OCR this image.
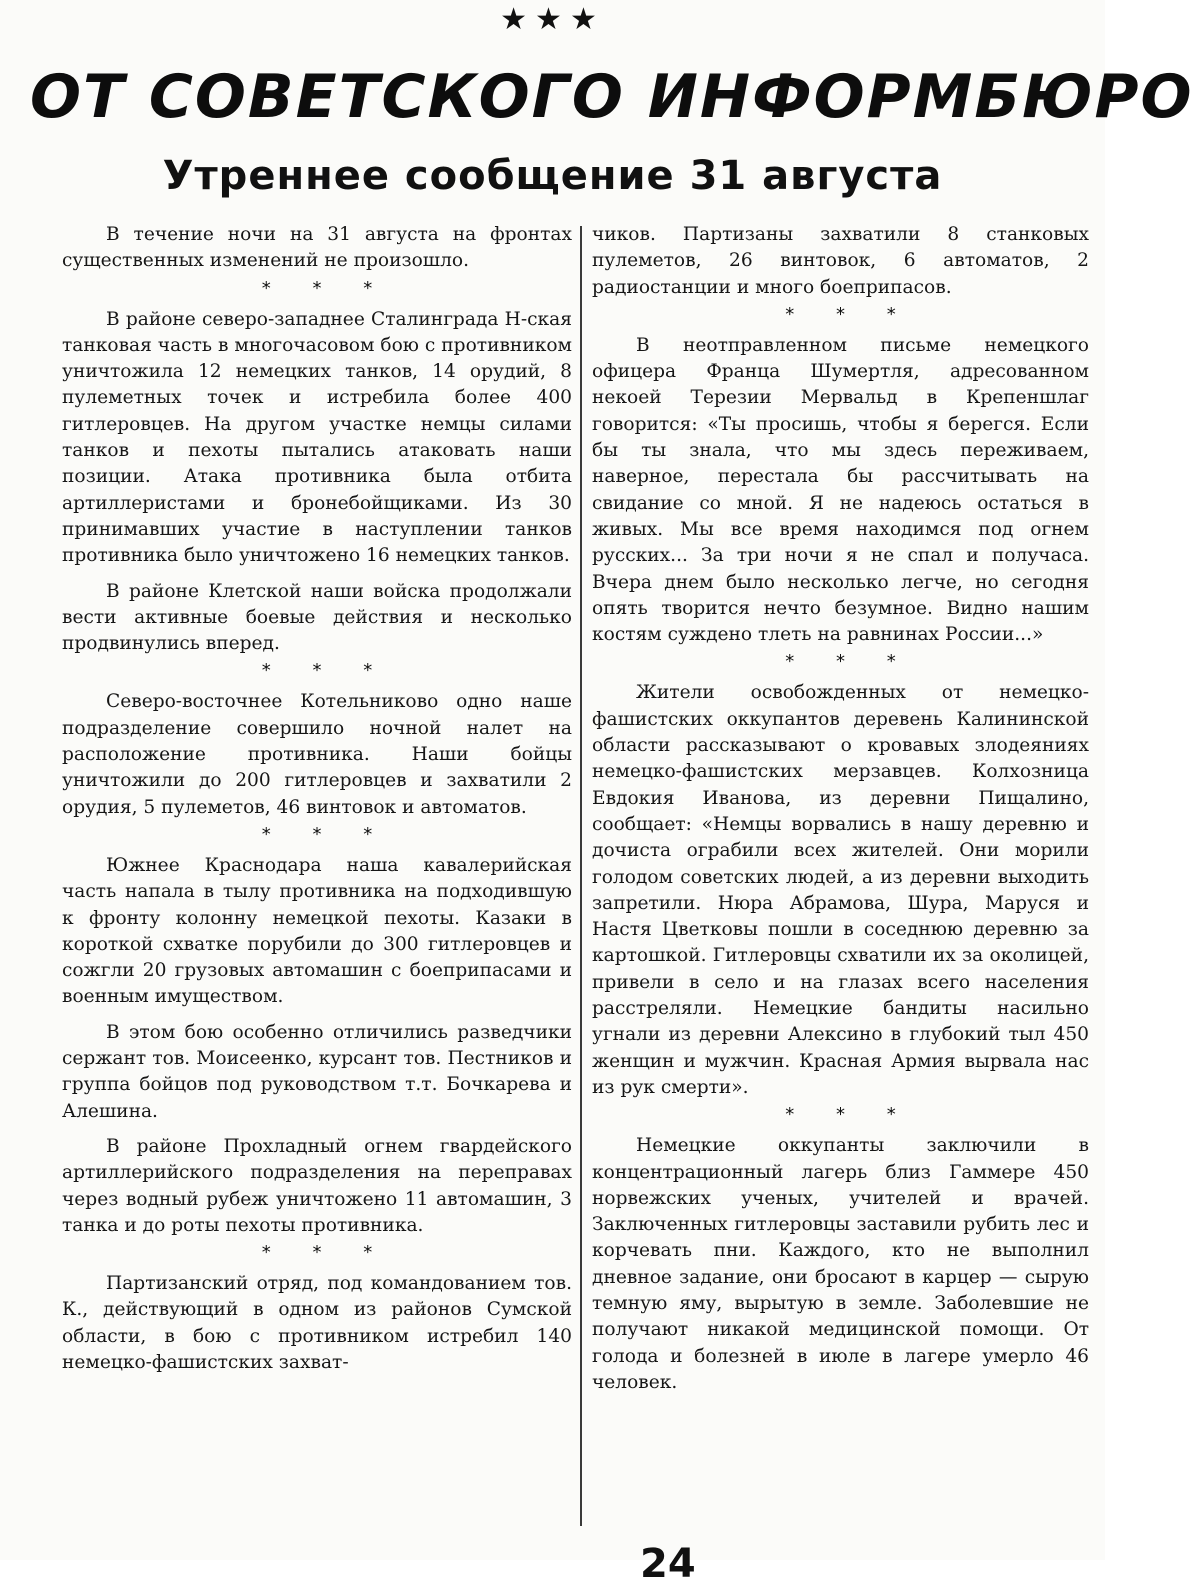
★★★
ОТ СОВЕТСКОГО ИНФОРМБЮРО
Утреннее сообщение 31 августа

В течение ночи на 31 августа на фронтах существенных изменений не произошло.

* * *

В районе северо-западнее Сталинграда Н-ская танковая часть в многочасовом бою с противником уничтожила 12 немецких танков, 14 орудий, 8 пулеметных точек и истребила более 400 гитлеровцев. На другом участке немцы силами танков и пехоты пытались атаковать наши позиции. Атака противника была отбита артиллеристами и бронебойщиками. Из 30 принимавших участие в наступлении танков противника было уничтожено 16 немецких танков.

В районе Клетской наши войска продолжали вести активные боевые действия и несколько продвинулись вперед.

* * *

Северо-восточнее Котельниково одно наше подразделение совершило ночной налет на расположение противника. Наши бойцы уничтожили до 200 гитлеровцев и захватили 2 орудия, 5 пулеметов, 46 винтовок и автоматов.

* * *

Южнее Краснодара наша кавалерийская часть напала в тылу противника на подходившую к фронту колонну немецкой пехоты. Казаки в короткой схватке порубили до 300 гитлеровцев и сожгли 20 грузовых автомашин с боеприпасами и военным имуществом.

В этом бою особенно отличились разведчики сержант тов. Моисеенко, курсант тов. Пестников и группа бойцов под руководством т.т. Бочкарева и Алешина.

В районе Прохладный огнем гвардейского артиллерийского подразделения на переправах через водный рубеж уничтожено 11 автомашин, 3 танка и до роты пехоты противника.

* * *

Партизанский отряд, под командованием тов. К., действующий в одном из районов Сумской области, в бою с противником истребил 140 немецко-фашистских захват-

чиков. Партизаны захватили 8 станковых пулеметов, 26 винтовок, 6 автоматов, 2 радиостанции и много боеприпасов.

* * *

В неотправленном письме немецкого офицера Франца Шумертля, адресованном некоей Терезии Мервальд в Крепеншлаг говорится: «Ты просишь, чтобы я берегся. Если бы ты знала, что мы здесь переживаем, наверное, перестала бы рассчитывать на свидание со мной. Я не надеюсь остаться в живых. Мы все время находимся под огнем русских... За три ночи я не спал и получаса. Вчера днем было несколько легче, но сегодня опять творится нечто безумное. Видно нашим костям суждено тлеть на равнинах России...»

* * *

Жители освобожденных от немецко-фашистских оккупантов деревень Калининской области рассказывают о кровавых злодеяниях немецко-фашистских мерзавцев. Колхозница Евдокия Иванова, из деревни Пищалино, сообщает: «Немцы ворвались в нашу деревню и дочиста ограбили всех жителей. Они морили голодом советских людей, а из деревни выходить запретили. Нюра Абрамова, Шура, Маруся и Настя Цветковы пошли в соседнюю деревню за картошкой. Гитлеровцы схватили их за околицей, привели в село и на глазах всего населения расстреляли. Немецкие бандиты насильно угнали из деревни Алексино в глубокий тыл 450 женщин и мужчин. Красная Армия вырвала нас из рук смерти».

* * *

Немецкие оккупанты заключили в концентрационный лагерь близ Гаммере 450 норвежских ученых, учителей и врачей. Заключенных гитлеровцы заставили рубить лес и корчевать пни. Каждого, кто не выполнил дневное задание, они бросают в карцер — сырую темную яму, вырытую в земле. Заболевшие не получают никакой медицинской помощи. От голода и болезней в июле в лагере умерло 46 человек.

24
